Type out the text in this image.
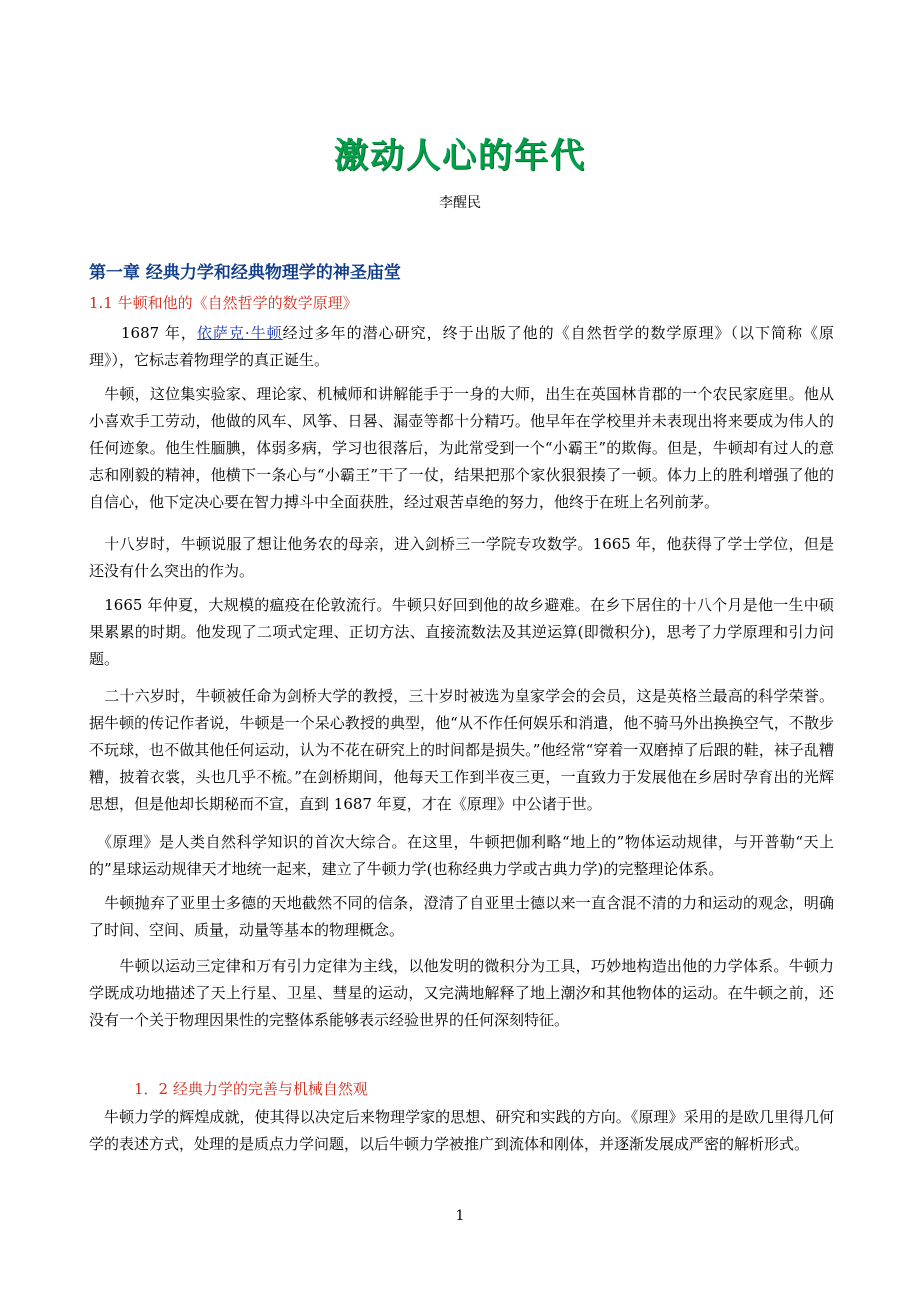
激动人心的年代
李醒民
第一章 经典力学和经典物理学的神圣庙堂
1.1 牛顿和他的《自然哲学的数学原理》

　　1687 年，依萨克·牛顿经过多年的潜心研究，终于出版了他的《自然哲学的数学原理》（以下简称《原理》），它标志着物理学的真正诞生。

　牛顿，这位集实验家、理论家、机械师和讲解能手于一身的大师，出生在英国林肯郡的一个农民家庭里。他从小喜欢手工劳动，他做的风车、风筝、日晷、漏壶等都十分精巧。他早年在学校里并未表现出将来要成为伟人的任何迹象。他生性腼腆，体弱多病，学习也很落后，为此常受到一个“小霸王”的欺侮。但是，牛顿却有过人的意志和刚毅的精神，他横下一条心与“小霸王”干了一仗，结果把那个家伙狠狠揍了一顿。体力上的胜利增强了他的自信心，他下定决心要在智力搏斗中全面获胜，经过艰苦卓绝的努力，他终于在班上名列前茅。

　十八岁时，牛顿说服了想让他务农的母亲，进入剑桥三一学院专攻数学。1665 年，他获得了学士学位，但是还没有什么突出的作为。

　1665 年仲夏，大规模的瘟疫在伦敦流行。牛顿只好回到他的故乡避难。在乡下居住的十八个月是他一生中硕果累累的时期。他发现了二项式定理、正切方法、直接流数法及其逆运算(即微积分)，思考了力学原理和引力问题。

　二十六岁时，牛顿被任命为剑桥大学的教授，三十岁时被选为皇家学会的会员，这是英格兰最高的科学荣誉。据牛顿的传记作者说，牛顿是一个呆心教授的典型，他“从不作任何娱乐和消遣，他不骑马外出换换空气，不散步不玩球，也不做其他任何运动，认为不花在研究上的时间都是损失。”他经常“穿着一双磨掉了后跟的鞋，袜子乱糟糟，披着衣裳，头也几乎不梳。”在剑桥期间，他每天工作到半夜三更，一直致力于发展他在乡居时孕育出的光辉思想，但是他却长期秘而不宣，直到 1687 年夏，才在《原理》中公诸于世。

　《原理》是人类自然科学知识的首次大综合。在这里，牛顿把伽利略“地上的”物体运动规律，与开普勒“天上的”星球运动规律天才地统一起来，建立了牛顿力学(也称经典力学或古典力学)的完整理论体系。

　牛顿抛弃了亚里士多德的天地截然不同的信条，澄清了自亚里士德以来一直含混不清的力和运动的观念，明确了时间、空间、质量，动量等基本的物理概念。

　　牛顿以运动三定律和万有引力定律为主线，以他发明的微积分为工具，巧妙地构造出他的力学体系。牛顿力学既成功地描述了天上行星、卫星、彗星的运动，又完满地解释了地上潮汐和其他物体的运动。在牛顿之前，还没有一个关于物理因果性的完整体系能够表示经验世界的任何深刻特征。

1．2 经典力学的完善与机械自然观

　牛顿力学的辉煌成就，使其得以决定后来物理学家的思想、研究和实践的方向。《原理》采用的是欧几里得几何学的表述方式，处理的是质点力学问题，以后牛顿力学被推广到流体和刚体，并逐渐发展成严密的解析形式。

1
